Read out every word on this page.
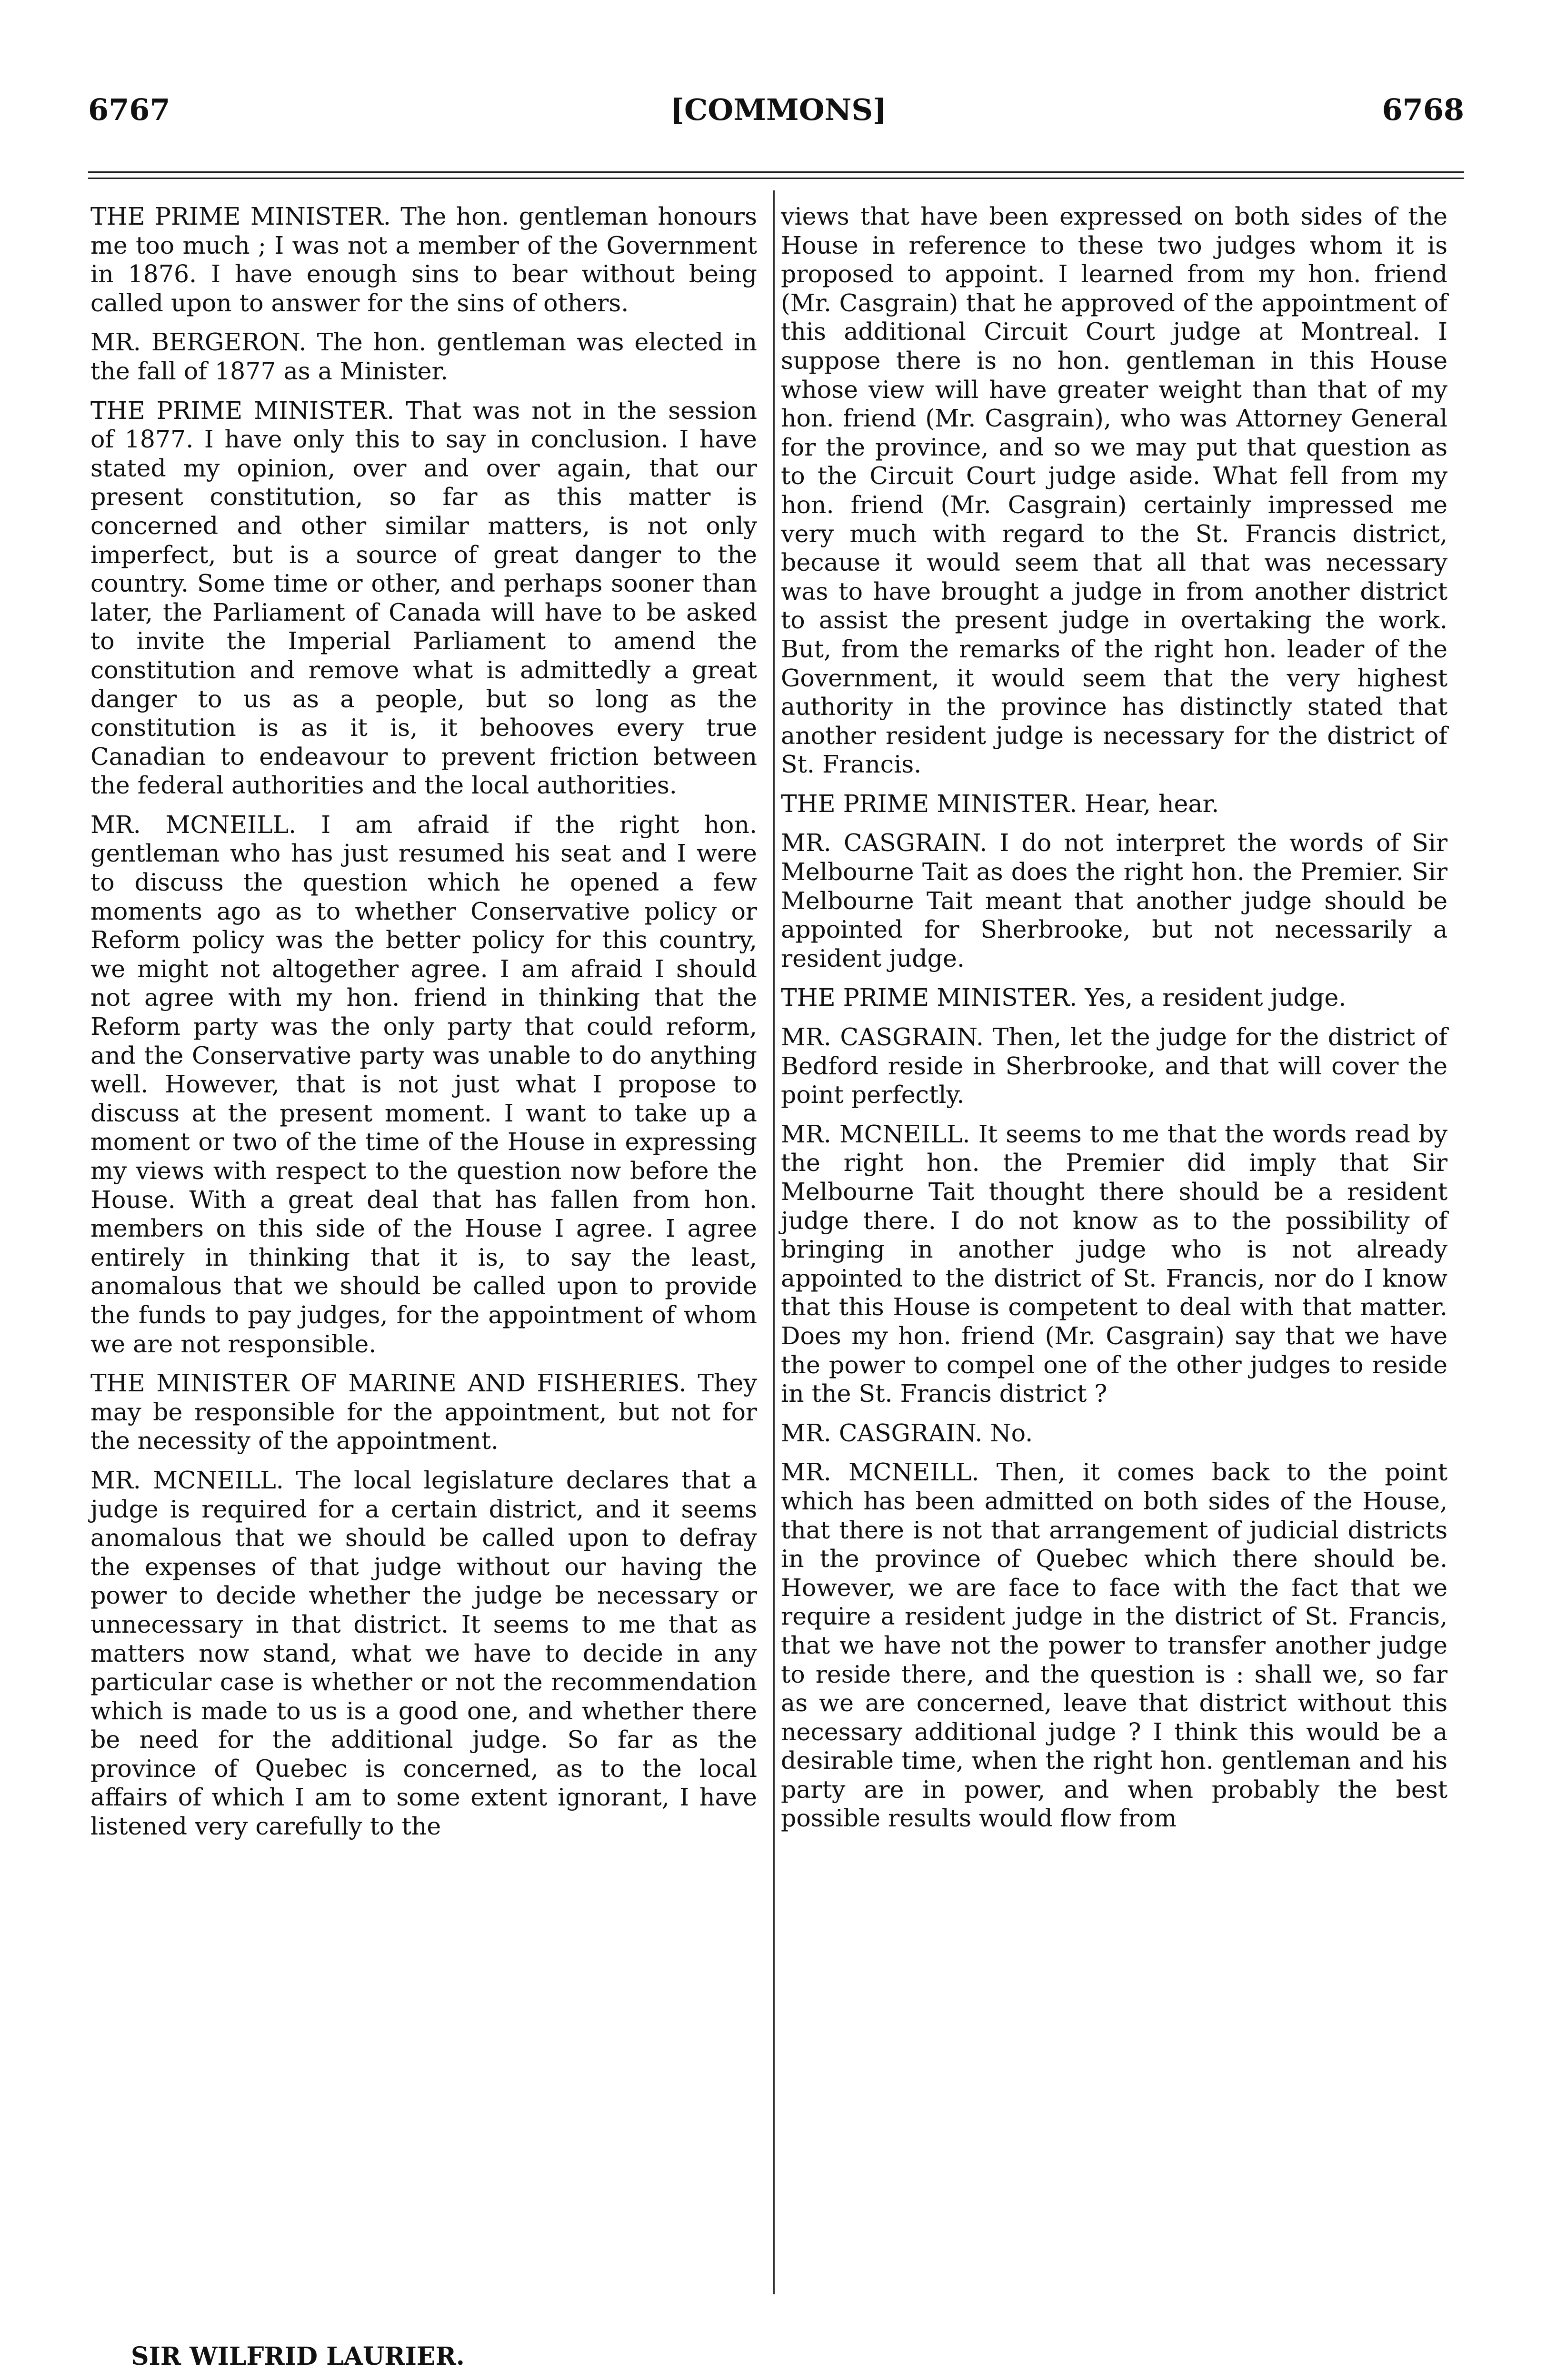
6767	[COMMONS]	6768

THE PRIME MINISTER. The hon. gentleman honours me too much ; I was not a member of the Government in 1876. I have enough sins to bear without being called upon to answer for the sins of others.

MR. BERGERON. The hon. gentleman was elected in the fall of 1877 as a Minister.

THE PRIME MINISTER. That was not in the session of 1877. I have only this to say in conclusion. I have stated my opinion, over and over again, that our present constitution, so far as this matter is concerned and other similar matters, is not only imperfect, but is a source of great danger to the country. Some time or other, and perhaps sooner than later, the Parliament of Canada will have to be asked to invite the Imperial Parliament to amend the constitution and remove what is admittedly a great danger to us as a people, but so long as the constitution is as it is, it behooves every true Canadian to endeavour to prevent friction between the federal authorities and the local authorities.

MR. MCNEILL. I am afraid if the right hon. gentleman who has just resumed his seat and I were to discuss the question which he opened a few moments ago as to whether Conservative policy or Reform policy was the better policy for this country, we might not altogether agree. I am afraid I should not agree with my hon. friend in thinking that the Reform party was the only party that could reform, and the Conservative party was unable to do anything well. However, that is not just what I propose to discuss at the present moment. I want to take up a moment or two of the time of the House in expressing my views with respect to the question now before the House. With a great deal that has fallen from hon. members on this side of the House I agree. I agree entirely in thinking that it is, to say the least, anomalous that we should be called upon to provide the funds to pay judges, for the appointment of whom we are not responsible.

THE MINISTER OF MARINE AND FISHERIES. They may be responsible for the appointment, but not for the necessity of the appointment.

MR. MCNEILL. The local legislature declares that a judge is required for a certain district, and it seems anomalous that we should be called upon to defray the expenses of that judge without our having the power to decide whether the judge be necessary or unnecessary in that district. It seems to me that as matters now stand, what we have to decide in any particular case is whether or not the recommendation which is made to us is a good one, and whether there be need for the additional judge. So far as the province of Quebec is concerned, as to the local affairs of which I am to some extent ignorant, I have listened very carefully to the

views that have been expressed on both sides of the House in reference to these two judges whom it is proposed to appoint. I learned from my hon. friend (Mr. Casgrain) that he approved of the appointment of this additional Circuit Court judge at Montreal. I suppose there is no hon. gentleman in this House whose view will have greater weight than that of my hon. friend (Mr. Casgrain), who was Attorney General for the province, and so we may put that question as to the Circuit Court judge aside. What fell from my hon. friend (Mr. Casgrain) certainly impressed me very much with regard to the St. Francis district, because it would seem that all that was necessary was to have brought a judge in from another district to assist the present judge in overtaking the work. But, from the remarks of the right hon. leader of the Government, it would seem that the very highest authority in the province has distinctly stated that another resident judge is necessary for the district of St. Francis.

THE PRIME MINISTER. Hear, hear.

MR. CASGRAIN. I do not interpret the words of Sir Melbourne Tait as does the right hon. the Premier. Sir Melbourne Tait meant that another judge should be appointed for Sherbrooke, but not necessarily a resident judge.

THE PRIME MINISTER. Yes, a resident judge.

MR. CASGRAIN. Then, let the judge for the district of Bedford reside in Sherbrooke, and that will cover the point perfectly.

MR. MCNEILL. It seems to me that the words read by the right hon. the Premier did imply that Sir Melbourne Tait thought there should be a resident judge there. I do not know as to the possibility of bringing in another judge who is not already appointed to the district of St. Francis, nor do I know that this House is competent to deal with that matter. Does my hon. friend (Mr. Casgrain) say that we have the power to compel one of the other judges to reside in the St. Francis district ?

MR. CASGRAIN. No.

MR. MCNEILL. Then, it comes back to the point which has been admitted on both sides of the House, that there is not that arrangement of judicial districts in the province of Quebec which there should be. However, we are face to face with the fact that we require a resident judge in the district of St. Francis, that we have not the power to transfer another judge to reside there, and the question is : shall we, so far as we are concerned, leave that district without this necessary additional judge ? I think this would be a desirable time, when the right hon. gentleman and his party are in power, and when probably the best possible results would flow from

SIR WILFRID LAURIER.
